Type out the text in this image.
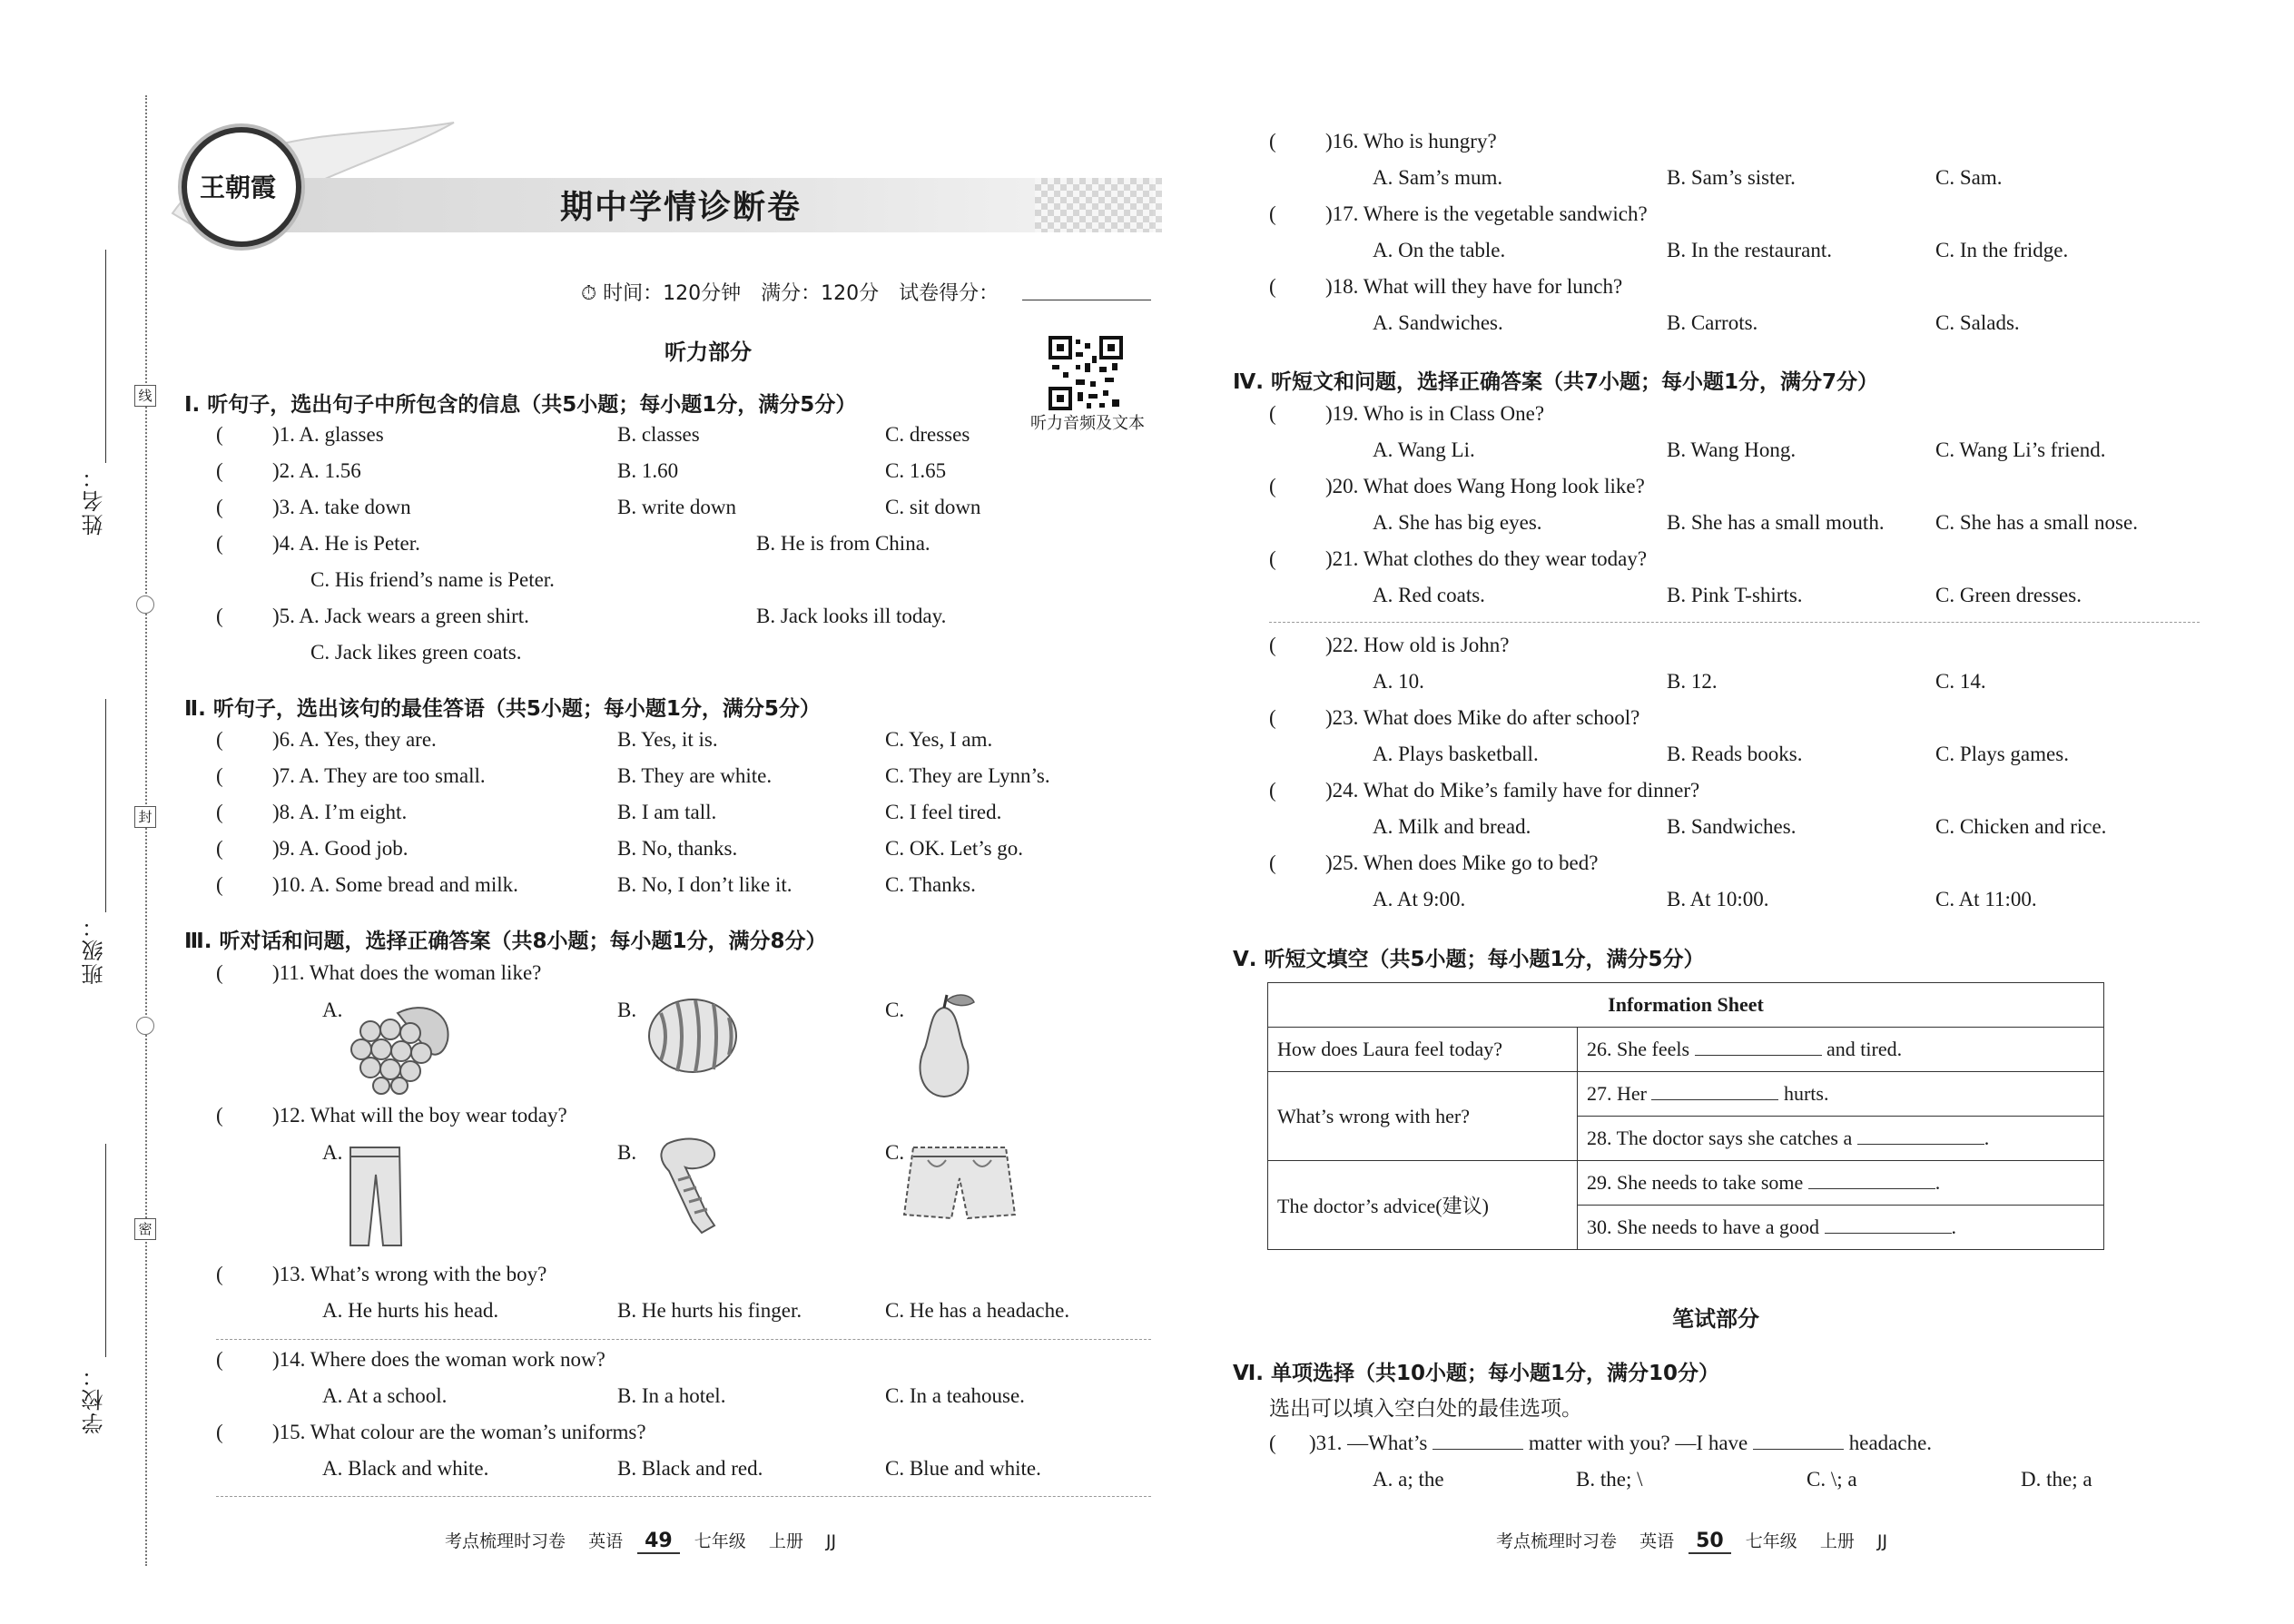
线
封
密
姓名：
班级：
学校：
王朝霞
期中学情诊断卷
⏱ 时间：120分钟　满分：120分　试卷得分：
听力部分
听力音频及文本
Ⅰ. 听句子，选出句子中所包含的信息（共5小题；每小题1分，满分5分）
( )1. A. glasses	B. classes	C. dresses
( )2. A. 1.56	B. 1.60	C. 1.65
( )3. A. take down	B. write down	C. sit down
( )4. A. He is Peter.	B. He is from China.
C. His friend’s name is Peter.
( )5. A. Jack wears a green shirt.	B. Jack looks ill today.
C. Jack likes green coats.
Ⅱ. 听句子，选出该句的最佳答语（共5小题；每小题1分，满分5分）
( )6. A. Yes, they are.	B. Yes, it is.	C. Yes, I am.
( )7. A. They are too small.	B. They are white.	C. They are Lynn’s.
( )8. A. I’m eight.	B. I am tall.	C. I feel tired.
( )9. A. Good job.	B. No, thanks.	C. OK. Let’s go.
( )10. A. Some bread and milk.	B. No, I don’t like it.	C. Thanks.
Ⅲ. 听对话和问题，选择正确答案（共8小题；每小题1分，满分8分）
( )11. What does the woman like?
A.	B.	C.
( )12. What will the boy wear today?
A.	B.	C.
( )13. What’s wrong with the boy?
A. He hurts his head.	B. He hurts his finger.	C. He has a headache.
( )14. Where does the woman work now?
A. At a school.	B. In a hotel.	C. In a teahouse.
( )15. What colour are the woman’s uniforms?
A. Black and white.	B. Black and red.	C. Blue and white.
( )16. Who is hungry?
A. Sam’s mum.	B. Sam’s sister.	C. Sam.
( )17. Where is the vegetable sandwich?
A. On the table.	B. In the restaurant.	C. In the fridge.
( )18. What will they have for lunch?
A. Sandwiches.	B. Carrots.	C. Salads.
Ⅳ. 听短文和问题，选择正确答案（共7小题；每小题1分，满分7分）
( )19. Who is in Class One?
A. Wang Li.	B. Wang Hong.	C. Wang Li’s friend.
( )20. What does Wang Hong look like?
A. She has big eyes.	B. She has a small mouth. C. She has a small nose.
( )21. What clothes do they wear today?
A. Red coats.	B. Pink T-shirts.	C. Green dresses.
( )22. How old is John?
A. 10.	B. 12.	C. 14.
( )23. What does Mike do after school?
A. Plays basketball.	B. Reads books.	C. Plays games.
( )24. What do Mike’s family have for dinner?
A. Milk and bread.	B. Sandwiches.	C. Chicken and rice.
( )25. When does Mike go to bed?
A. At 9:00.	B. At 10:00.	C. At 11:00.
Ⅴ. 听短文填空（共5小题；每小题1分，满分5分）
Information Sheet	
How does Laura feel today?	26. She feels and tired.
What’s wrong with her?	27. Her hurts.
	28. The doctor says she catches a .
The doctor’s advice(建议)	29. She needs to take some .
	30. She needs to have a good .
笔试部分
Ⅵ. 单项选择（共10小题；每小题1分，满分10分）
选出可以填入空白处的最佳选项。
( )31. —What’s	matter with you? —I have	headache.
A. a; the	B. the; \	C. \; a	D. the; a
考点梳理时习卷　 英语 49 七年级　 上册　 JJ	考点梳理时习卷　 英语 50 七年级　 上册　 JJ
